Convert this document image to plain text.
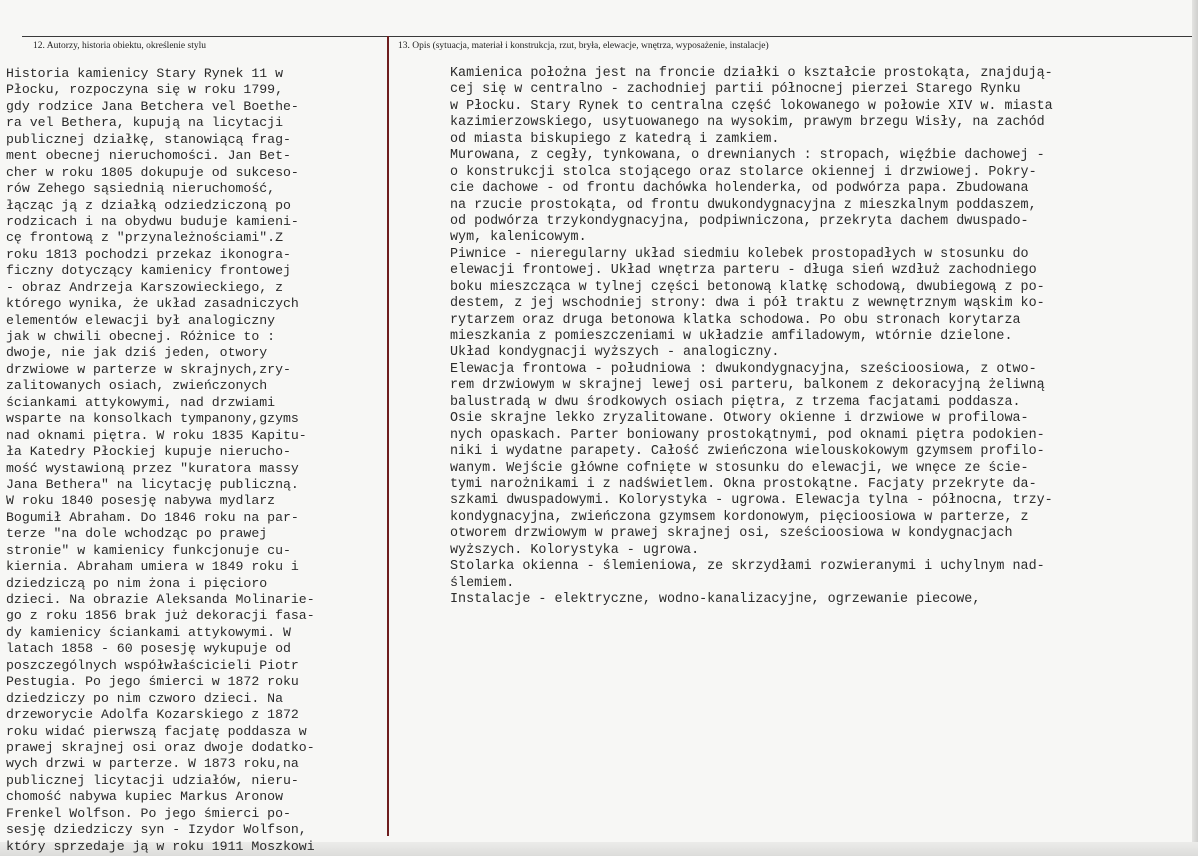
12. Autorzy, historia obiektu, określenie stylu	13. Opis (sytuacja, materiał i konstrukcja, rzut, bryła, elewacje, wnętrza, wyposażenie, instalacje)
Historia kamienicy Stary Rynek 11 w
Płocku, rozpoczyna się w roku 1799,
gdy rodzice Jana Betchera vel Boethe-
ra vel Bethera, kupują na licytacji
publicznej działkę, stanowiącą frag-
ment obecnej nieruchomości. Jan Bet-
cher w roku 1805 dokupuje od sukceso-
rów Zehego sąsiednią nieruchomość,
łącząc ją z działką odziedziczoną po
rodzicach i na obydwu buduje kamieni-
cę frontową z "przynależnościami".Z
roku 1813 pochodzi przekaz ikonogra-
ficzny dotyczący kamienicy frontowej
- obraz Andrzeja Karszowieckiego, z
którego wynika, że układ zasadniczych
elementów elewacji był analogiczny
jak w chwili obecnej. Różnice to :
dwoje, nie jak dziś jeden, otwory
drzwiowe w parterze w skrajnych,zry-
zalitowanych osiach, zwieńczonych
ściankami attykowymi, nad drzwiami
wsparte na konsolkach tympanony,gzyms
nad oknami piętra. W roku 1835 Kapitu-
ła Katedry Płockiej kupuje nierucho-
mość wystawioną przez "kuratora massy
Jana Bethera" na licytację publiczną.
W roku 1840 posesję nabywa mydlarz
Bogumił Abraham. Do 1846 roku na par-
terze "na dole wchodząc po prawej
stronie" w kamienicy funkcjonuje cu-
kiernia. Abraham umiera w 1849 roku i
dziedziczą po nim żona i pięcioro
dzieci. Na obrazie Aleksanda Molinarie-
go z roku 1856 brak już dekoracji fasa-
dy kamienicy ściankami attykowymi. W
latach 1858 - 60 posesję wykupuje od
poszczególnych współwłaścicieli Piotr
Pestugia. Po jego śmierci w 1872 roku
dziedziczy po nim czworo dzieci. Na
drzeworycie Adolfa Kozarskiego z 1872
roku widać pierwszą facjatę poddasza w
prawej skrajnej osi oraz dwoje dodatko-
wych drzwi w parterze. W 1873 roku,na
publicznej licytacji udziałów, nieru-
chomość nabywa kupiec Markus Aronow
Frenkel Wolfson. Po jego śmierci po-
sesję dziedziczy syn - Izydor Wolfson,
który sprzedaje ją w roku 1911 Moszkowi
Kamienica położna jest na froncie działki o kształcie prostokąta, znajdują-
cej się w centralno - zachodniej partii północnej pierzei Starego Rynku
w Płocku. Stary Rynek to centralna część lokowanego w połowie XIV w. miasta
kazimierzowskiego, usytuowanego na wysokim, prawym brzegu Wisły, na zachód
od miasta biskupiego z katedrą i zamkiem.
Murowana, z cegły, tynkowana, o drewnianych : stropach, więźbie dachowej -
o konstrukcji stolca stojącego oraz stolarce okiennej i drzwiowej. Pokry-
cie dachowe - od frontu dachówka holenderka, od podwórza papa. Zbudowana
na rzucie prostokąta, od frontu dwukondygnacyjna z mieszkalnym poddaszem,
od podwórza trzykondygnacyjna, podpiwniczona, przekryta dachem dwuspado-
wym, kalenicowym.
Piwnice - nieregularny układ siedmiu kolebek prostopadłych w stosunku do
elewacji frontowej. Układ wnętrza parteru - długa sień wzdłuż zachodniego
boku mieszcząca w tylnej części betonową klatkę schodową, dwubiegową z po-
destem, z jej wschodniej strony: dwa i pół traktu z wewnętrznym wąskim ko-
rytarzem oraz druga betonowa klatka schodowa. Po obu stronach korytarza
mieszkania z pomieszczeniami w układzie amfiladowym, wtórnie dzielone.
Układ kondygnacji wyższych - analogiczny.
Elewacja frontowa - południowa : dwukondygnacyjna, sześcioosiowa, z otwo-
rem drzwiowym w skrajnej lewej osi parteru, balkonem z dekoracyjną żeliwną
balustradą w dwu środkowych osiach piętra, z trzema facjatami poddasza.
Osie skrajne lekko zryzalitowane. Otwory okienne i drzwiowe w profilowa-
nych opaskach. Parter boniowany prostokątnymi, pod oknami piętra podokien-
niki i wydatne parapety. Całość zwieńczona wielouskokowym gzymsem profilo-
wanym. Wejście główne cofnięte w stosunku do elewacji, we wnęce ze ście-
tymi narożnikami i z nadświetlem. Okna prostokątne. Facjaty przekryte da-
szkami dwuspadowymi. Kolorystyka - ugrowa. Elewacja tylna - północna, trzy-
kondygnacyjna, zwieńczona gzymsem kordonowym, pięcioosiowa w parterze, z
otworem drzwiowym w prawej skrajnej osi, sześcioosiowa w kondygnacjach
wyższych. Kolorystyka - ugrowa.
Stolarka okienna - ślemieniowa, ze skrzydłami rozwieranymi i uchylnym nad-
ślemiem.
Instalacje - elektryczne, wodno-kanalizacyjne, ogrzewanie piecowe,
